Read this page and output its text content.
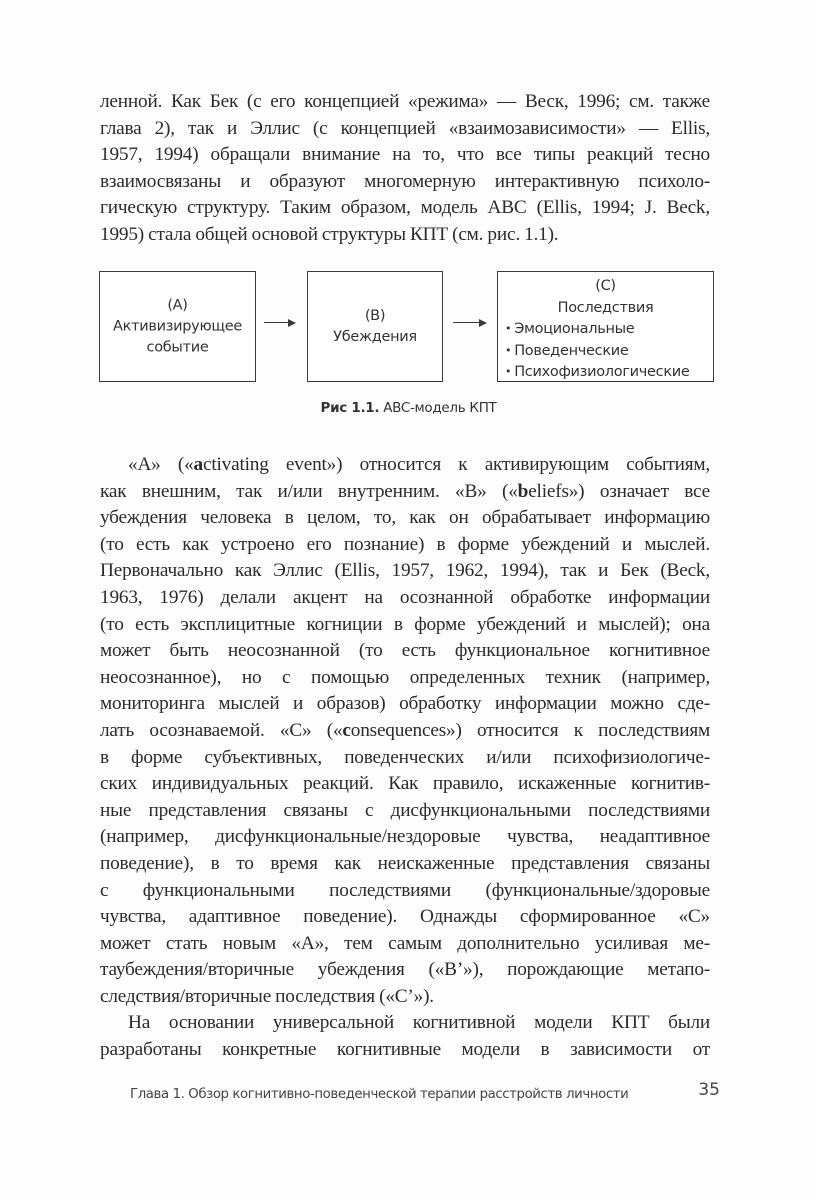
ленной. Как Бек (с его концепцией «режима» — Веск, 1996; см. также
глава 2), так и Эллис (с концепцией «взаимозависимости» — Ellis,
1957, 1994) обращали внимание на то, что все типы реакций тесно
взаимосвязаны и образуют многомерную интерактивную психоло-
гическую структуру. Таким образом, модель ABC (Ellis, 1994; J. Beck,
1995) стала общей основой структуры КПТ (см. рис. 1.1).
(A)
Активизирующее
событие
(B)
Убеждения
(C)
Последствия
• Эмоциональные
• Поведенческие
• Психофизиологические
Рис 1.1. ABC-модель КПТ
«A» («activating event») относится к активирующим событиям,
как внешним, так и/или внутренним. «B» («beliefs») означает все
убеждения человека в целом, то, как он обрабатывает информацию
(то есть как устроено его познание) в форме убеждений и мыслей.
Первоначально как Эллис (Ellis, 1957, 1962, 1994), так и Бек (Beck,
1963, 1976) делали акцент на осознанной обработке информации
(то есть эксплицитные когниции в форме убеждений и мыслей); она
может быть неосознанной (то есть функциональное когнитивное
неосознанное), но с помощью определенных техник (например,
мониторинга мыслей и образов) обработку информации можно сде-
лать осознаваемой. «C» («consequences») относится к последствиям
в форме субъективных, поведенческих и/или психофизиологиче-
ских индивидуальных реакций. Как правило, искаженные когнитив-
ные представления связаны с дисфункциональными последствиями
(например, дисфункциональные/нездоровые чувства, неадаптивное
поведение), в то время как неискаженные представления связаны
с функциональными последствиями (функциональные/здоровые
чувства, адаптивное поведение). Однажды сформированное «C»
может стать новым «A», тем самым дополнительно усиливая ме-
таубеждения/вторичные убеждения («B’»), порождающие метапо-
следствия/вторичные последствия («C’»).
На основании универсальной когнитивной модели КПТ были
разработаны конкретные когнитивные модели в зависимости от
Глава 1. Обзор когнитивно-поведенческой терапии расстройств личности	35
